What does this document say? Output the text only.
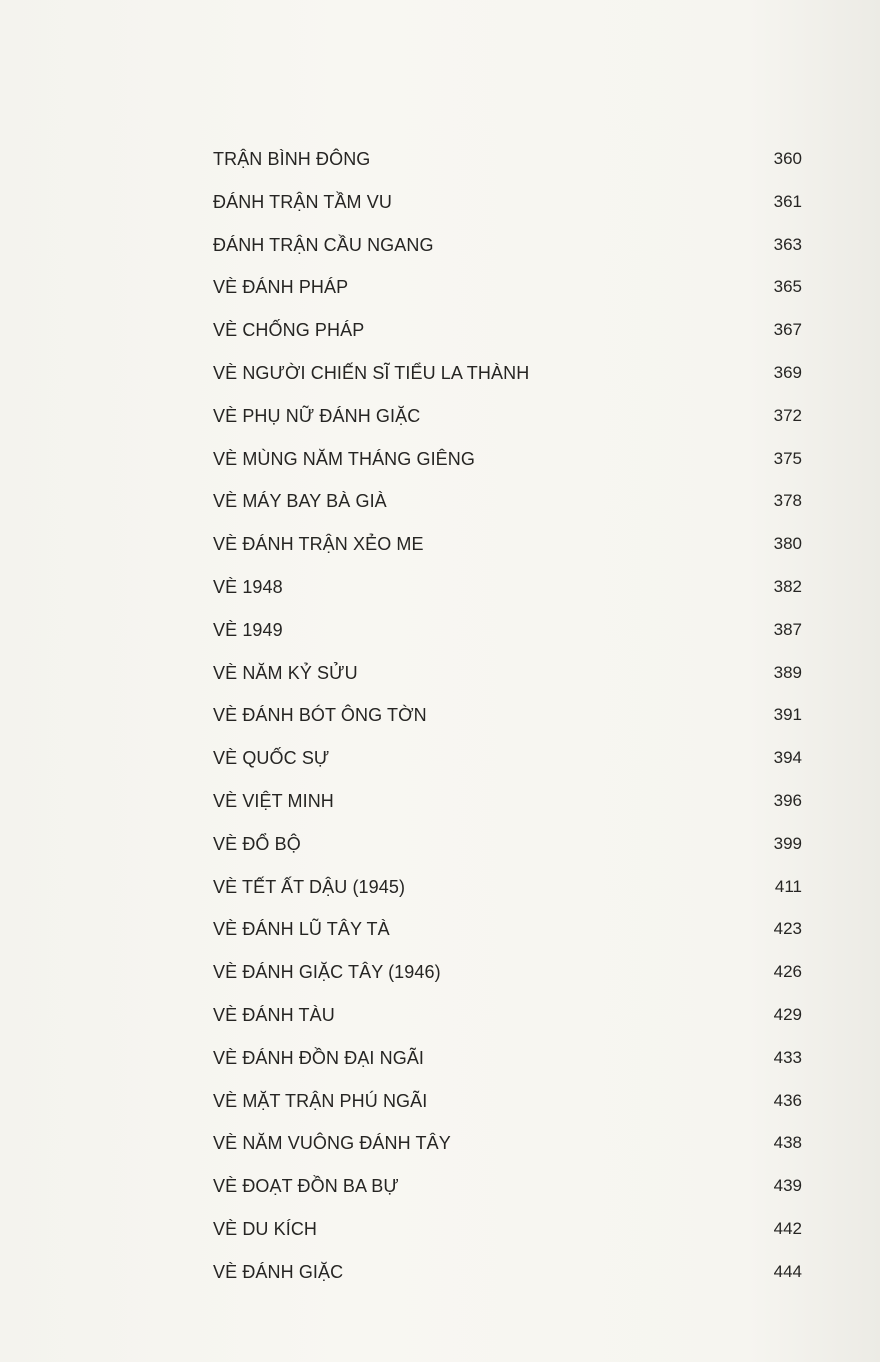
TRẬN BÌNH ĐÔNG	360
ĐÁNH TRẬN TẦM VU	361
ĐÁNH TRẬN CẦU NGANG	363
VÈ ĐÁNH PHÁP	365
VÈ CHỐNG PHÁP	367
VÈ NGƯỜI CHIẾN SĨ TIỂU LA THÀNH	369
VÈ PHỤ NỮ ĐÁNH GIẶC	372
VÈ MÙNG NĂM THÁNG GIÊNG	375
VÈ MÁY BAY BÀ GIÀ	378
VÈ ĐÁNH TRẬN XẺO ME	380
VÈ 1948	382
VÈ 1949	387
VÈ NĂM KỶ SỬU	389
VÈ ĐÁNH BÓT ÔNG TỜN	391
VÈ QUỐC SỰ	394
VÈ VIỆT MINH	396
VÈ ĐỔ BỘ	399
VÈ TẾT ẤT DẬU (1945)	411
VÈ ĐÁNH LŨ TÂY TÀ	423
VÈ ĐÁNH GIẶC TÂY (1946)	426
VÈ ĐÁNH TÀU	429
VÈ ĐÁNH ĐỒN ĐẠI NGÃI	433
VÈ MẶT TRẬN PHÚ NGÃI	436
VÈ NĂM VUÔNG ĐÁNH TÂY	438
VÈ ĐOẠT ĐỒN BA BỰ	439
VÈ DU KÍCH	442
VÈ ĐÁNH GIẶC	444
